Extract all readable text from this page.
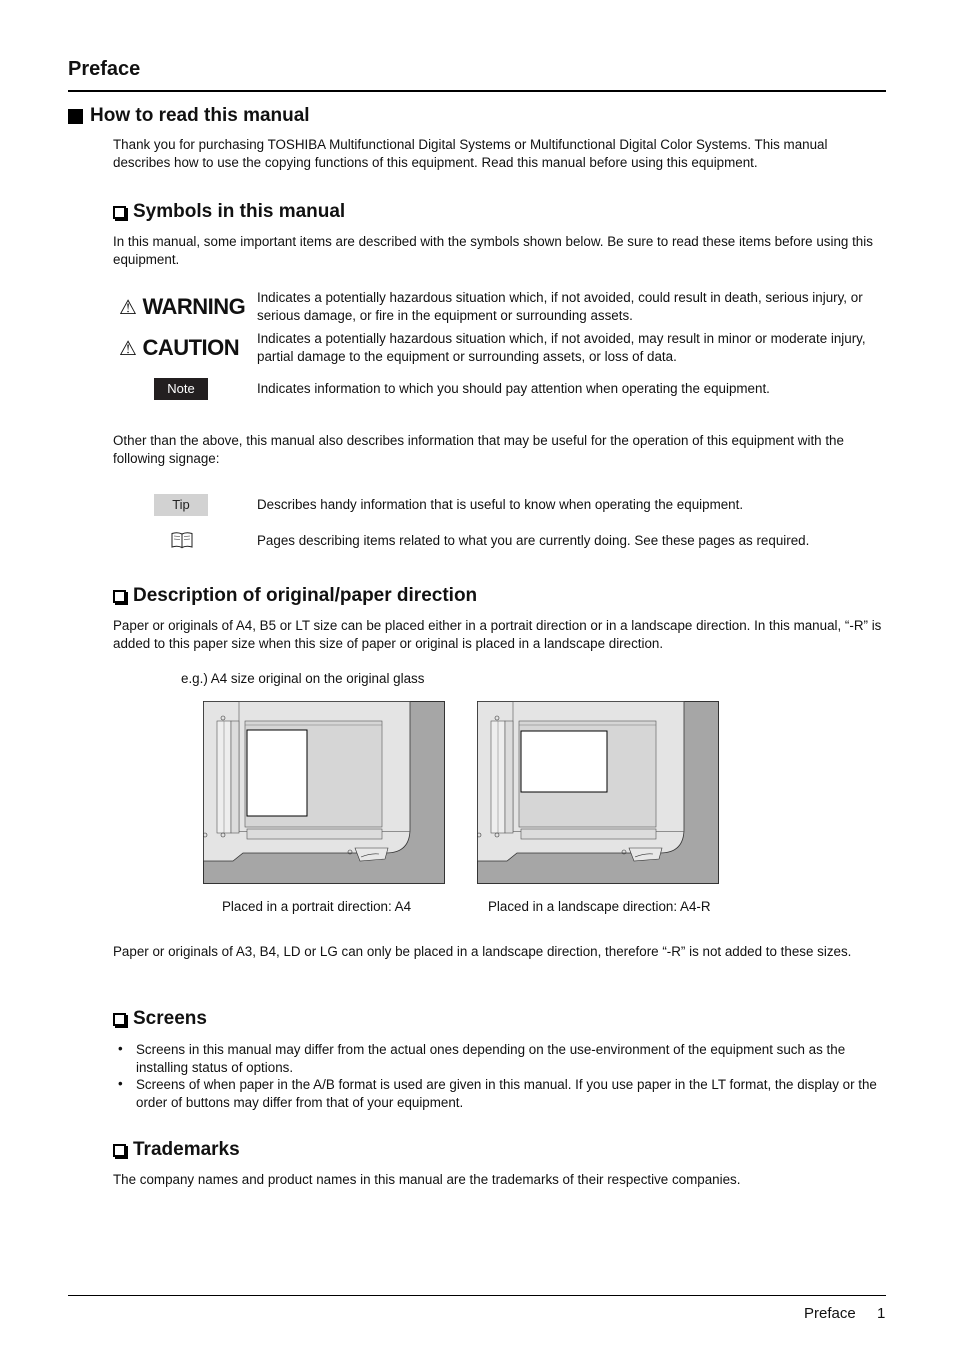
Preface
How to read this manual
Thank you for purchasing TOSHIBA Multifunctional Digital Systems or Multifunctional Digital Color Systems. This manual describes how to use the copying functions of this equipment. Read this manual before using this equipment.
Symbols in this manual
In this manual, some important items are described with the symbols shown below. Be sure to read these items before using this equipment.
⚠ WARNING Indicates a potentially hazardous situation which, if not avoided, could result in death, serious injury, or serious damage, or fire in the equipment or surrounding assets.
⚠ CAUTION Indicates a potentially hazardous situation which, if not avoided, may result in minor or moderate injury, partial damage to the equipment or surrounding assets, or loss of data.
Note	Indicates information to which you should pay attention when operating the equipment.
Other than the above, this manual also describes information that may be useful for the operation of this equipment with the following signage:
Tip	Describes handy information that is useful to know when operating the equipment.
Pages describing items related to what you are currently doing. See these pages as required.
Description of original/paper direction
Paper or originals of A4, B5 or LT size can be placed either in a portrait direction or in a landscape direction. In this manual, “-R” is added to this paper size when this size of paper or original is placed in a landscape direction.
e.g.) A4 size original on the original glass
Placed in a portrait direction: A4	Placed in a landscape direction: A4-R
Paper or originals of A3, B4, LD or LG can only be placed in a landscape direction, therefore “-R” is not added to these sizes.
Screens
• Screens in this manual may differ from the actual ones depending on the use-environment of the equipment such as the installing status of options.
• Screens of when paper in the A/B format is used are given in this manual. If you use paper in the LT format, the display or the order of buttons may differ from that of your equipment.
Trademarks
The company names and product names in this manual are the trademarks of their respective companies.
Preface 1
